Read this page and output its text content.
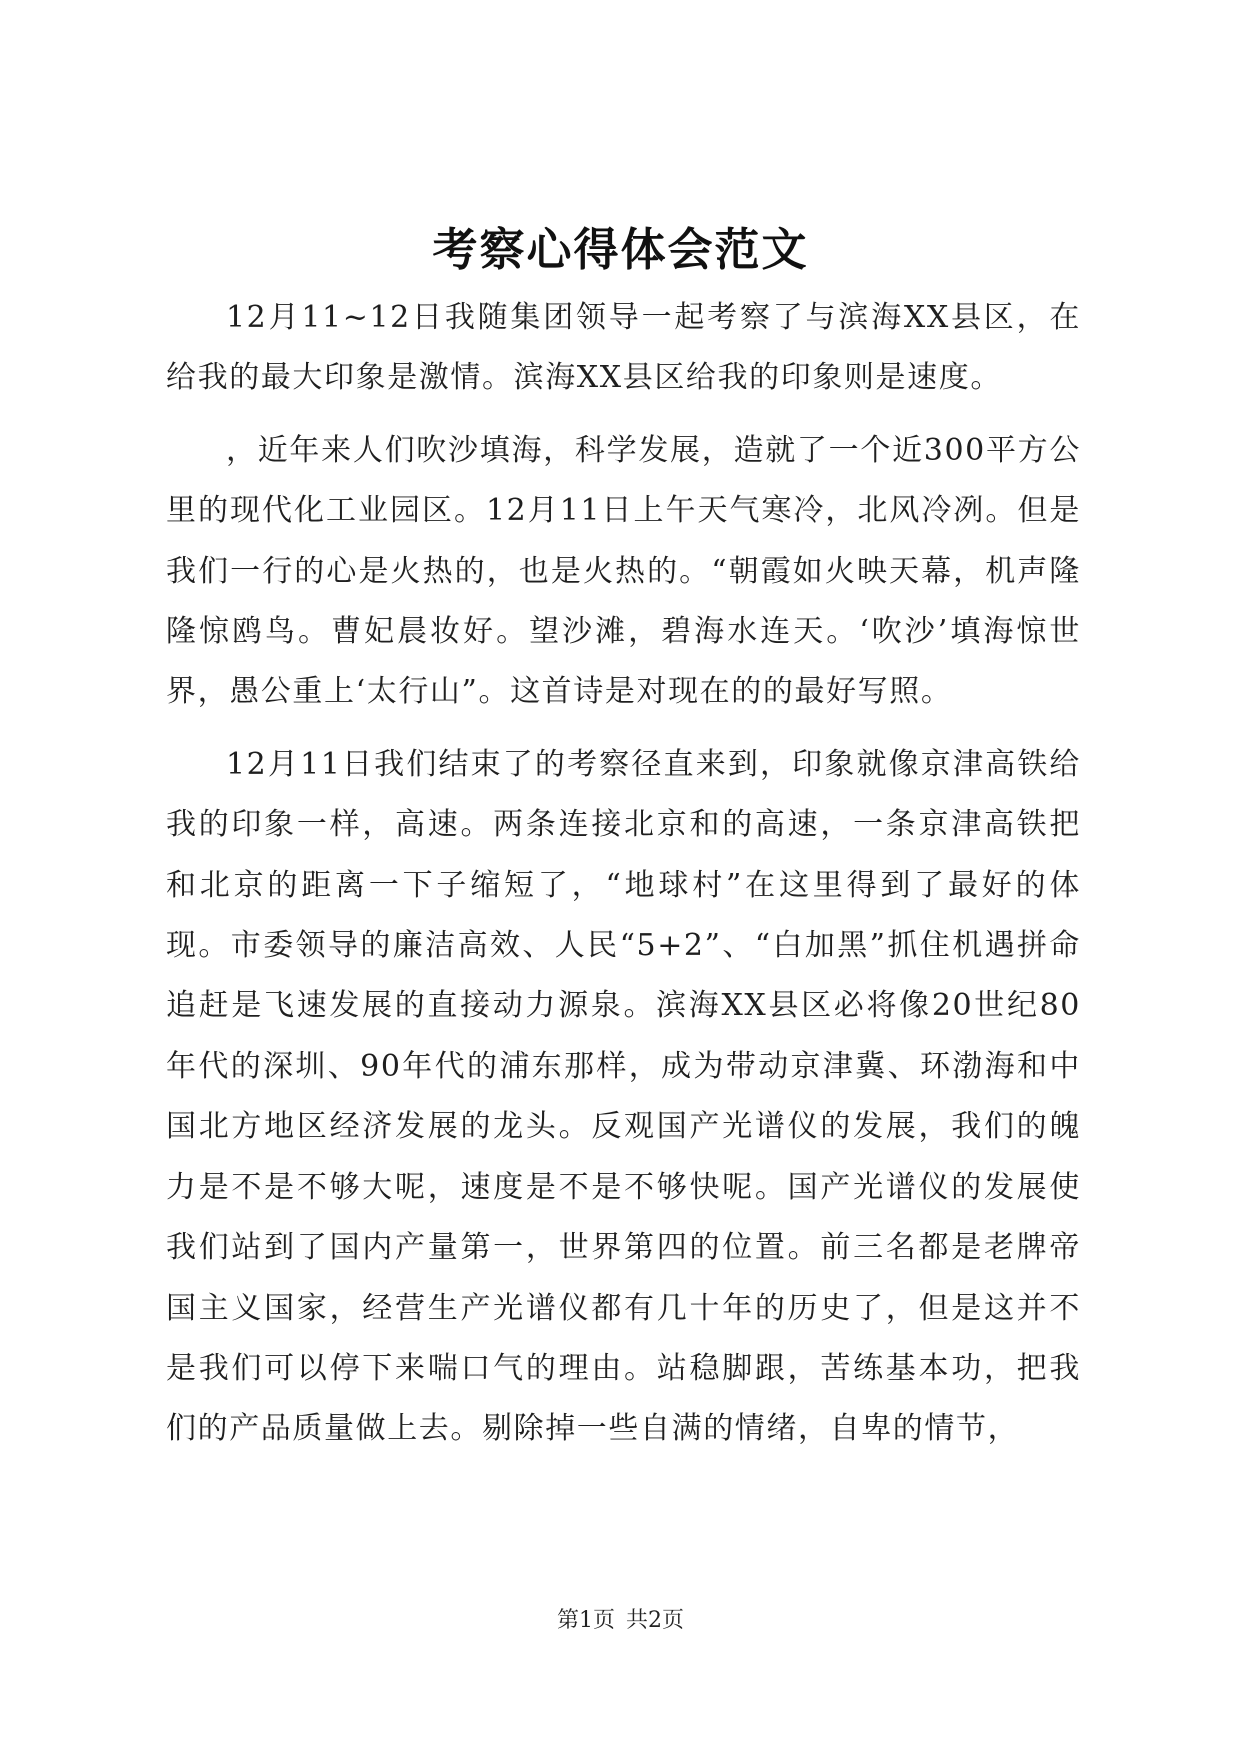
考察心得体会范文

12月11~12日我随集团领导一起考察了与滨海XX县区，在给我的最大印象是激情。滨海XX县区给我的印象则是速度。

，近年来人们吹沙填海，科学发展，造就了一个近300平方公里的现代化工业园区。12月11日上午天气寒冷，北风冷冽。但是我们一行的心是火热的，也是火热的。“朝霞如火映天幕，机声隆隆惊鸥鸟。曹妃晨妆好。望沙滩，碧海水连天。‘吹沙’填海惊世界，愚公重上‘太行山”。这首诗是对现在的的最好写照。

12月11日我们结束了的考察径直来到，印象就像京津高铁给我的印象一样，高速。两条连接北京和的高速，一条京津高铁把和北京的距离一下子缩短了，“地球村”在这里得到了最好的体现。市委领导的廉洁高效、人民“5+2”、“白加黑”抓住机遇拼命追赶是飞速发展的直接动力源泉。滨海XX县区必将像20世纪80年代的深圳、90年代的浦东那样，成为带动京津冀、环渤海和中国北方地区经济发展的龙头。反观国产光谱仪的发展，我们的魄力是不是不够大呢，速度是不是不够快呢。国产光谱仪的发展使我们站到了国内产量第一，世界第四的位置。前三名都是老牌帝国主义国家，经营生产光谱仪都有几十年的历史了，但是这并不是我们可以停下来喘口气的理由。站稳脚跟，苦练基本功，把我们的产品质量做上去。剔除掉一些自满的情绪，自卑的情节，

第1页 共2页
